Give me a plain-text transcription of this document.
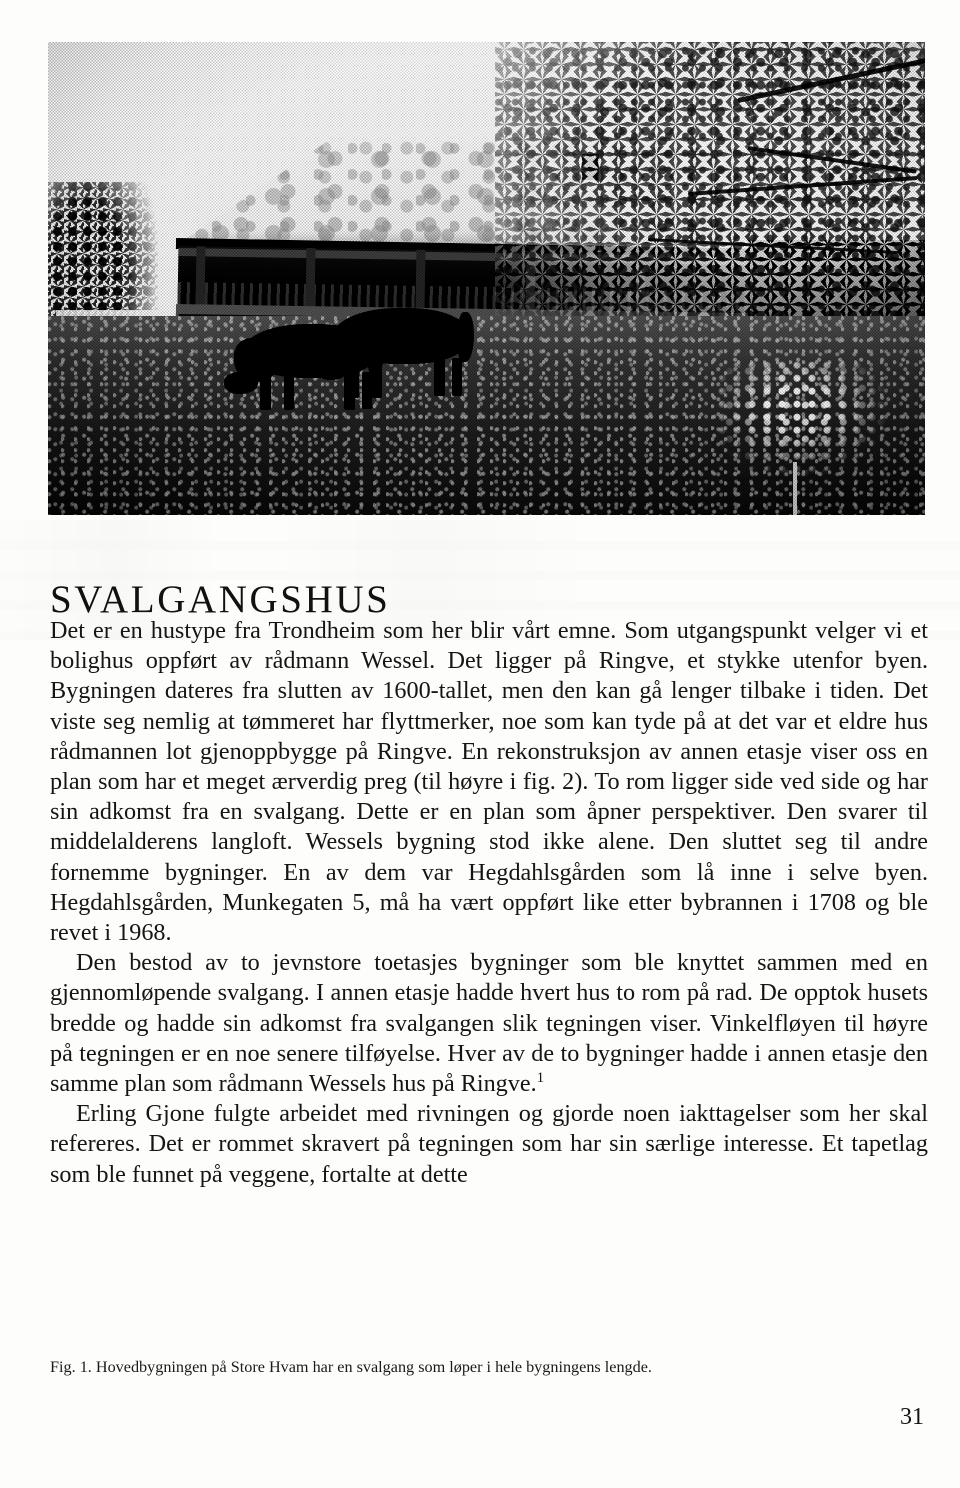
SVALGANGSHUS

Det er en hustype fra Trondheim som her blir vårt emne. Som utgangspunkt velger vi et bolighus oppført av rådmann Wessel. Det ligger på Ringve, et stykke utenfor byen. Bygningen dateres fra slutten av 1600-tallet, men den kan gå lenger tilbake i tiden. Det viste seg nemlig at tømmeret har flyttmerker, noe som kan tyde på at det var et eldre hus rådmannen lot gjenoppbygge på Ringve. En rekonstruksjon av annen etasje viser oss en plan som har et meget ærverdig preg (til høyre i fig. 2). To rom ligger side ved side og har sin adkomst fra en svalgang. Dette er en plan som åpner perspektiver. Den svarer til middelalderens langloft. Wessels bygning stod ikke alene. Den sluttet seg til andre fornemme bygninger. En av dem var Hegdahlsgården som lå inne i selve byen. Hegdahlsgården, Munkegaten 5, må ha vært oppført like etter bybrannen i 1708 og ble revet i 1968.

Den bestod av to jevnstore toetasjes bygninger som ble knyttet sammen med en gjennomløpende svalgang. I annen etasje hadde hvert hus to rom på rad. De opptok husets bredde og hadde sin adkomst fra svalgangen slik tegningen viser. Vinkelfløyen til høyre på tegningen er en noe senere tilføyelse. Hver av de to bygninger hadde i annen etasje den samme plan som rådmann Wessels hus på Ringve.$^1$

Erling Gjone fulgte arbeidet med rivningen og gjorde noen iakttagelser som her skal refereres. Det er rommet skravert på tegningen som har sin særlige interesse. Et tapetlag som ble funnet på veggene, fortalte at dette

Fig. 1. Hovedbygningen på Store Hvam har en svalgang som løper i hele bygningens lengde.
31
